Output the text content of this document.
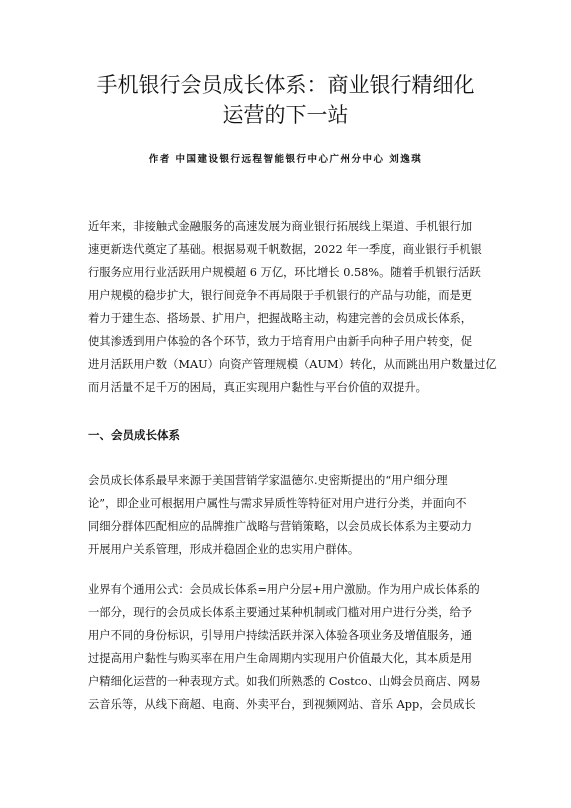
手机银行会员成长体系：商业银行精细化
运营的下一站
作者 中国建设银行远程智能银行中心广州分中心 刘逸琪
近年来，非接触式金融服务的高速发展为商业银行拓展线上渠道、手机银行加
速更新迭代奠定了基础。根据易观千帆数据，2022 年一季度，商业银行手机银
行服务应用行业活跃用户规模超 6 万亿，环比增长 0.58%。随着手机银行活跃
用户规模的稳步扩大，银行间竞争不再局限于手机银行的产品与功能，而是更
着力于建生态、搭场景、扩用户，把握战略主动，构建完善的会员成长体系，
使其渗透到用户体验的各个环节，致力于培育用户由新手向种子用户转变，促
进月活跃用户数（MAU）向资产管理规模（AUM）转化，从而跳出用户数量过亿
而月活量不足千万的困局，真正实现用户黏性与平台价值的双提升。
一、会员成长体系
会员成长体系最早来源于美国营销学家温德尔.史密斯提出的“用户细分理
论”，即企业可根据用户属性与需求异质性等特征对用户进行分类，并面向不
同细分群体匹配相应的品牌推广战略与营销策略，以会员成长体系为主要动力
开展用户关系管理，形成并稳固企业的忠实用户群体。
业界有个通用公式：会员成长体系=用户分层+用户激励。作为用户成长体系的
一部分，现行的会员成长体系主要通过某种机制或门槛对用户进行分类，给予
用户不同的身份标识，引导用户持续活跃并深入体验各项业务及增值服务，通
过提高用户黏性与购买率在用户生命周期内实现用户价值最大化，其本质是用
户精细化运营的一种表现方式。如我们所熟悉的 Costco、山姆会员商店、网易
云音乐等，从线下商超、电商、外卖平台，到视频网站、音乐 App，会员成长
